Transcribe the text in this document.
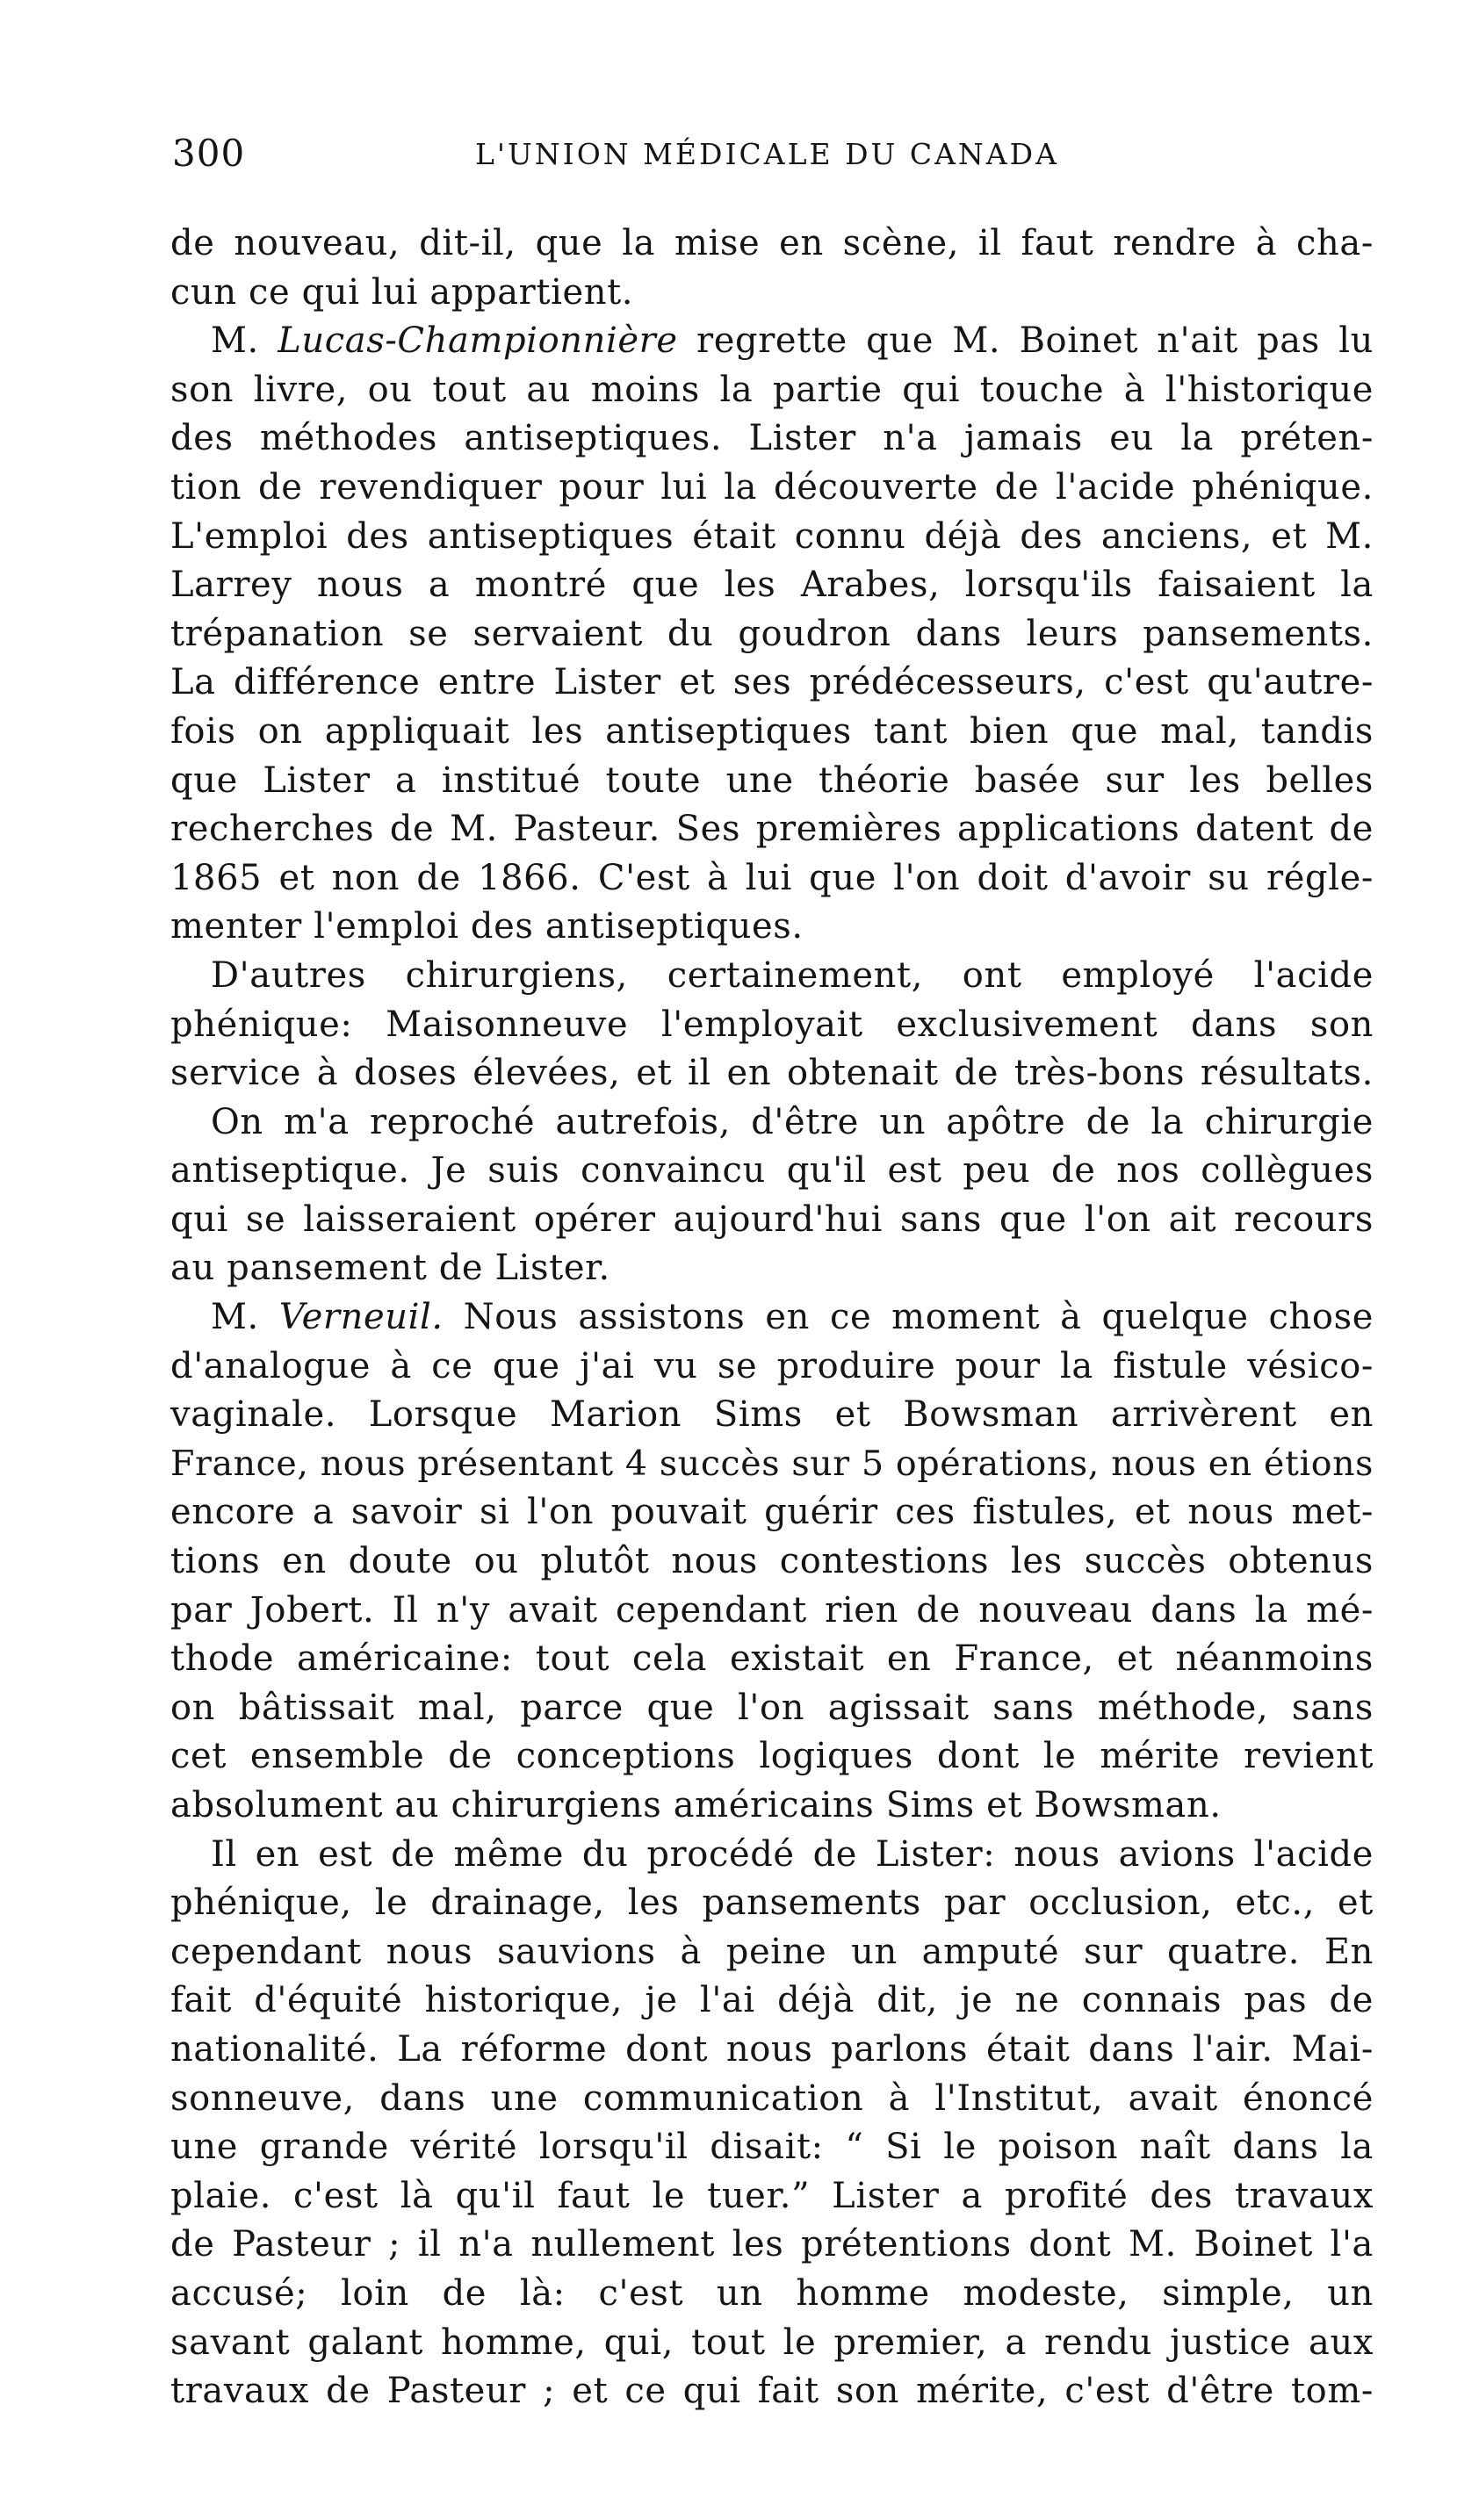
300	L'UNION MÉDICALE DU CANADA
de nouveau, dit-il, que la mise en scène, il faut rendre à cha-
cun ce qui lui appartient.
M. Lucas-Championnière regrette que M. Boinet n'ait pas lu
son livre, ou tout au moins la partie qui touche à l'historique
des méthodes antiseptiques. Lister n'a jamais eu la préten-
tion de revendiquer pour lui la découverte de l'acide phénique.
L'emploi des antiseptiques était connu déjà des anciens, et M.
Larrey nous a montré que les Arabes, lorsqu'ils faisaient la
trépanation se servaient du goudron dans leurs pansements.
La différence entre Lister et ses prédécesseurs, c'est qu'autre-
fois on appliquait les antiseptiques tant bien que mal, tandis
que Lister a institué toute une théorie basée sur les belles
recherches de M. Pasteur. Ses premières applications datent de
1865 et non de 1866. C'est à lui que l'on doit d'avoir su régle-
menter l'emploi des antiseptiques.
D'autres chirurgiens, certainement, ont employé l'acide
phénique: Maisonneuve l'employait exclusivement dans son
service à doses élevées, et il en obtenait de très-bons résultats.
On m'a reproché autrefois, d'être un apôtre de la chirurgie
antiseptique. Je suis convaincu qu'il est peu de nos collègues
qui se laisseraient opérer aujourd'hui sans que l'on ait recours
au pansement de Lister.
M. Verneuil. Nous assistons en ce moment à quelque chose
d'analogue à ce que j'ai vu se produire pour la fistule vésico-
vaginale. Lorsque Marion Sims et Bowsman arrivèrent en
France, nous présentant 4 succès sur 5 opérations, nous en étions
encore a savoir si l'on pouvait guérir ces fistules, et nous met-
tions en doute ou plutôt nous contestions les succès obtenus
par Jobert. Il n'y avait cependant rien de nouveau dans la mé-
thode américaine: tout cela existait en France, et néanmoins
on bâtissait mal, parce que l'on agissait sans méthode, sans
cet ensemble de conceptions logiques dont le mérite revient
absolument au chirurgiens américains Sims et Bowsman.
Il en est de même du procédé de Lister: nous avions l'acide
phénique, le drainage, les pansements par occlusion, etc., et
cependant nous sauvions à peine un amputé sur quatre. En
fait d'équité historique, je l'ai déjà dit, je ne connais pas de
nationalité. La réforme dont nous parlons était dans l'air. Mai-
sonneuve, dans une communication à l'Institut, avait énoncé
une grande vérité lorsqu'il disait: “ Si le poison naît dans la
plaie. c'est là qu'il faut le tuer.” Lister a profité des travaux
de Pasteur ; il n'a nullement les prétentions dont M. Boinet l'a
accusé; loin de là: c'est un homme modeste, simple, un
savant galant homme, qui, tout le premier, a rendu justice aux
travaux de Pasteur ; et ce qui fait son mérite, c'est d'être tom-
